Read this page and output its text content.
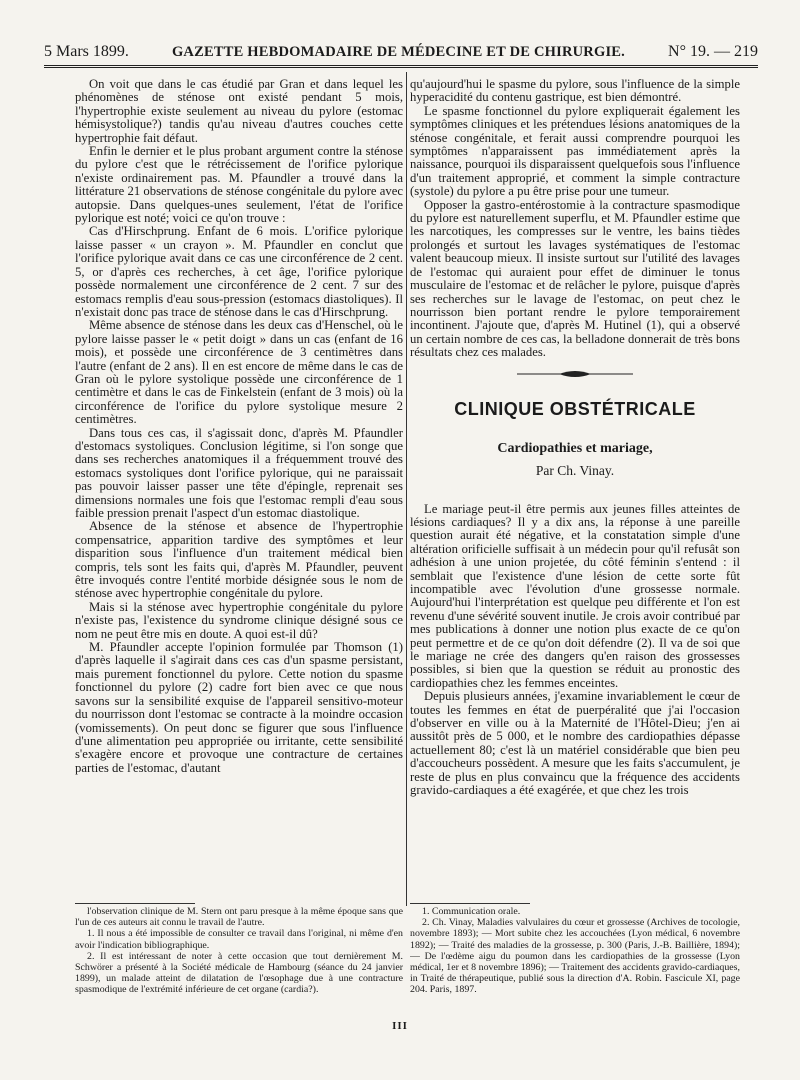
5 Mars 1899.	GAZETTE HEBDOMADAIRE DE MÉDECINE ET DE CHIRURGIE.	N° 19. — 219

On voit que dans le cas étudié par Gran et dans lequel les phénomènes de sténose ont existé pendant 5 mois, l'hypertrophie existe seulement au niveau du pylore (estomac hémisystolique?) tandis qu'au niveau d'autres couches cette hypertrophie fait défaut.

Enfin le dernier et le plus probant argument contre la sténose du pylore c'est que le rétrécissement de l'orifice pylorique n'existe ordinairement pas. M. Pfaundler a trouvé dans la littérature 21 observations de sténose congénitale du pylore avec autopsie. Dans quelques-unes seulement, l'état de l'orifice pylorique est noté; voici ce qu'on trouve :

Cas d'Hirschprung. Enfant de 6 mois. L'orifice pylorique laisse passer « un crayon ». M. Pfaundler en conclut que l'orifice pylorique avait dans ce cas une circonférence de 2 cent. 5, or d'après ces recherches, à cet âge, l'orifice pylorique possède normalement une circonférence de 2 cent. 7 sur des estomacs remplis d'eau sous-pression (estomacs diastoliques). Il n'existait donc pas trace de sténose dans le cas d'Hirschprung.

Même absence de sténose dans les deux cas d'Henschel, où le pylore laisse passer le « petit doigt » dans un cas (enfant de 16 mois), et possède une circonférence de 3 centimètres dans l'autre (enfant de 2 ans). Il en est encore de même dans le cas de Gran où le pylore systolique possède une circonférence de 1 centimètre et dans le cas de Finkelstein (enfant de 3 mois) où la circonférence de l'orifice du pylore systolique mesure 2 centimètres.

Dans tous ces cas, il s'agissait donc, d'après M. Pfaundler d'estomacs systoliques. Conclusion légitime, si l'on songe que dans ses recherches anatomiques il a fréquemment trouvé des estomacs systoliques dont l'orifice pylorique, qui ne paraissait pas pouvoir laisser passer une tête d'épingle, reprenait ses dimensions normales une fois que l'estomac rempli d'eau sous faible pression prenait l'aspect d'un estomac diastolique.

Absence de la sténose et absence de l'hypertrophie compensatrice, apparition tardive des symptômes et leur disparition sous l'influence d'un traitement médical bien compris, tels sont les faits qui, d'après M. Pfaundler, peuvent être invoqués contre l'entité morbide désignée sous le nom de sténose avec hypertrophie congénitale du pylore.

Mais si la sténose avec hypertrophie congénitale du pylore n'existe pas, l'existence du syndrome clinique désigné sous ce nom ne peut être mis en doute. A quoi est-il dû?

M. Pfaundler accepte l'opinion formulée par Thomson (1) d'après laquelle il s'agirait dans ces cas d'un spasme persistant, mais purement fonctionnel du pylore. Cette notion du spasme fonctionnel du pylore (2) cadre fort bien avec ce que nous savons sur la sensibilité exquise de l'appareil sensitivo-moteur du nourrisson dont l'estomac se contracte à la moindre occasion (vomissements). On peut donc se figurer que sous l'influence d'une alimentation peu appropriée ou irritante, cette sensibilité s'exagère encore et provoque une contracture de certaines parties de l'estomac, d'autant

qu'aujourd'hui le spasme du pylore, sous l'influence de la simple hyperacidité du contenu gastrique, est bien démontré.

Le spasme fonctionnel du pylore expliquerait également les symptômes cliniques et les prétendues lésions anatomiques de la sténose congénitale, et ferait aussi comprendre pourquoi les symptômes n'apparaissent pas immédiatement après la naissance, pourquoi ils disparaissent quelquefois sous l'influence d'un traitement approprié, et comment la simple contracture (systole) du pylore a pu être prise pour une tumeur.

Opposer la gastro-entérostomie à la contracture spasmodique du pylore est naturellement superflu, et M. Pfaundler estime que les narcotiques, les compresses sur le ventre, les bains tièdes prolongés et surtout les lavages systématiques de l'estomac valent beaucoup mieux. Il insiste surtout sur l'utilité des lavages de l'estomac qui auraient pour effet de diminuer le tonus musculaire de l'estomac et de relâcher le pylore, puisque d'après ses recherches sur le lavage de l'estomac, on peut chez le nourrisson bien portant rendre le pylore temporairement incontinent. J'ajoute que, d'après M. Hutinel (1), qui a observé un certain nombre de ces cas, la belladone donnerait de très bons résultats chez ces malades.

CLINIQUE OBSTÉTRICALE
Cardiopathies et mariage,
Par Ch. Vinay.

Le mariage peut-il être permis aux jeunes filles atteintes de lésions cardiaques? Il y a dix ans, la réponse à une pareille question aurait été négative, et la constatation simple d'une altération orificielle suffisait à un médecin pour qu'il refusât son adhésion à une union projetée, du côté féminin s'entend : il semblait que l'existence d'une lésion de cette sorte fût incompatible avec l'évolution d'une grossesse normale. Aujourd'hui l'interprétation est quelque peu différente et l'on est revenu d'une sévérité souvent inutile. Je crois avoir contribué par mes publications à donner une notion plus exacte de ce qu'on peut permettre et de ce qu'on doit défendre (2). Il va de soi que le mariage ne crée des dangers qu'en raison des grossesses possibles, si bien que la question se réduit au pronostic des cardiopathies chez les femmes enceintes.

Depuis plusieurs années, j'examine invariablement le cœur de toutes les femmes en état de puerpéralité que j'ai l'occasion d'observer en ville ou à la Maternité de l'Hôtel-Dieu; j'en ai aussitôt près de 5 000, et le nombre des cardiopathies dépasse actuellement 80; c'est là un matériel considérable que bien peu d'accoucheurs possèdent. A mesure que les faits s'accumulent, je reste de plus en plus convaincu que la fréquence des accidents gravido-cardiaques a été exagérée, et que chez les trois

l'observation clinique de M. Stern ont paru presque à la même époque sans que l'un de ces auteurs ait connu le travail de l'autre.

1. Il nous a été impossible de consulter ce travail dans l'original, ni même d'en avoir l'indication bibliographique.

2. Il est intéressant de noter à cette occasion que tout dernièrement M. Schwörer a présenté à la Société médicale de Hambourg (séance du 24 janvier 1899), un malade atteint de dilatation de l'œsophage due à une contracture spasmodique de l'extrémité inférieure de cet organe (cardia?).

1. Communication orale.

2. Ch. Vinay, Maladies valvulaires du cœur et grossesse (Archives de tocologie, novembre 1893); — Mort subite chez les accouchées (Lyon médical, 6 novembre 1892); — Traité des maladies de la grossesse, p. 300 (Paris, J.-B. Baillière, 1894); — De l'œdème aigu du poumon dans les cardiopathies de la grossesse (Lyon médical, 1er et 8 novembre 1896); — Traitement des accidents gravido-cardiaques, in Traité de thérapeutique, publié sous la direction d'A. Robin. Fascicule XI, page 204. Paris, 1897.

III
